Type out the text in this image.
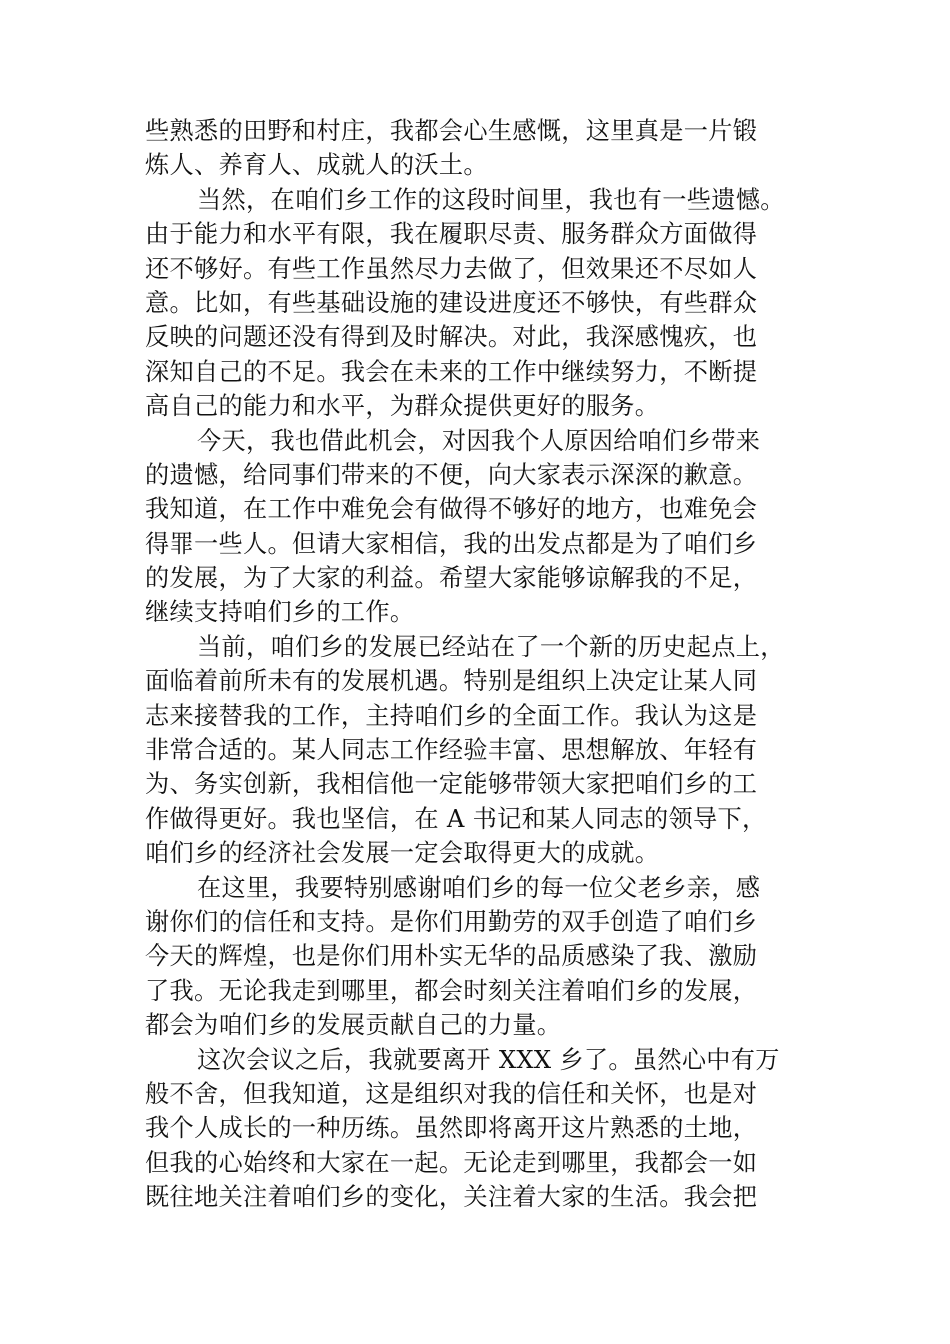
些熟悉的田野和村庄，我都会心生感慨，这里真是一片锻
炼人、养育人、成就人的沃土。
当然，在咱们乡工作的这段时间里，我也有一些遗憾。
由于能力和水平有限，我在履职尽责、服务群众方面做得
还不够好。有些工作虽然尽力去做了，但效果还不尽如人
意。比如，有些基础设施的建设进度还不够快，有些群众
反映的问题还没有得到及时解决。对此，我深感愧疚，也
深知自己的不足。我会在未来的工作中继续努力，不断提
高自己的能力和水平，为群众提供更好的服务。
今天，我也借此机会，对因我个人原因给咱们乡带来
的遗憾，给同事们带来的不便，向大家表示深深的歉意。
我知道，在工作中难免会有做得不够好的地方，也难免会
得罪一些人。但请大家相信，我的出发点都是为了咱们乡
的发展，为了大家的利益。希望大家能够谅解我的不足，
继续支持咱们乡的工作。
当前，咱们乡的发展已经站在了一个新的历史起点上，
面临着前所未有的发展机遇。特别是组织上决定让某人同
志来接替我的工作，主持咱们乡的全面工作。我认为这是
非常合适的。某人同志工作经验丰富、思想解放、年轻有
为、务实创新，我相信他一定能够带领大家把咱们乡的工
作做得更好。我也坚信，在 A 书记和某人同志的领导下，
咱们乡的经济社会发展一定会取得更大的成就。
在这里，我要特别感谢咱们乡的每一位父老乡亲，感
谢你们的信任和支持。是你们用勤劳的双手创造了咱们乡
今天的辉煌，也是你们用朴实无华的品质感染了我、激励
了我。无论我走到哪里，都会时刻关注着咱们乡的发展，
都会为咱们乡的发展贡献自己的力量。
这次会议之后，我就要离开 XXX 乡了。虽然心中有万
般不舍，但我知道，这是组织对我的信任和关怀，也是对
我个人成长的一种历练。虽然即将离开这片熟悉的土地，
但我的心始终和大家在一起。无论走到哪里，我都会一如
既往地关注着咱们乡的变化，关注着大家的生活。我会把
